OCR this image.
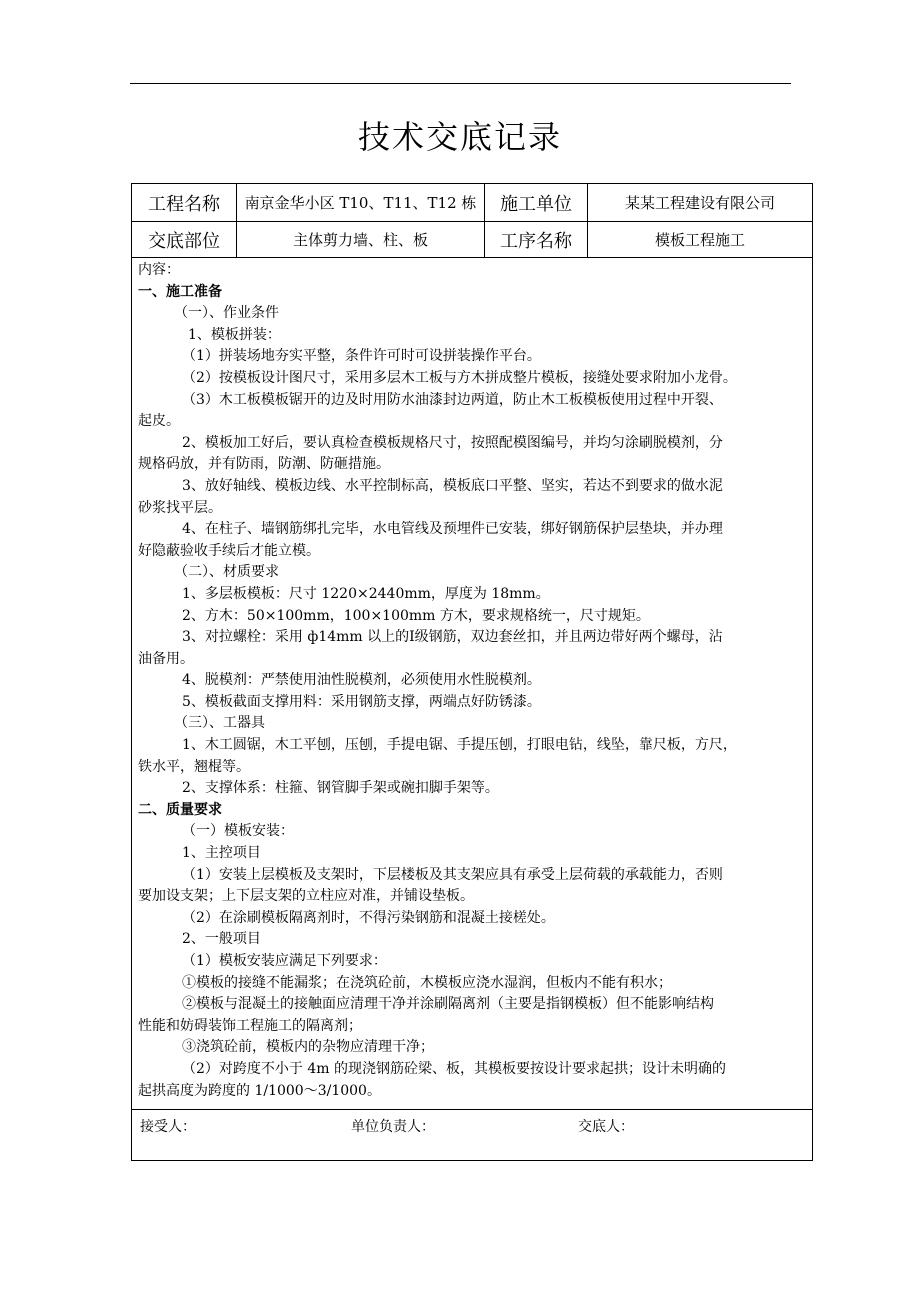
技术交底记录
工程名称	南京金华小区 T10、T11、T12 栋	施工单位	某某工程建设有限公司
交底部位	主体剪力墙、柱、板	工序名称	模板工程施工
内容：
一、施工准备
（一）、作业条件
1、模板拼装：
（1）拼装场地夯实平整，条件许可时可设拼装操作平台。
（2）按模板设计图尺寸，采用多层木工板与方木拼成整片模板，接缝处要求附加小龙骨。
（3）木工板模板锯开的边及时用防水油漆封边两道，防止木工板模板使用过程中开裂、
起皮。
2、模板加工好后，要认真检查模板规格尺寸，按照配模图编号，并均匀涂刷脱模剂，分
规格码放，并有防雨，防潮、防砸措施。
3、放好轴线、模板边线、水平控制标高，模板底口平整、坚实，若达不到要求的做水泥
砂浆找平层。
4、在柱子、墙钢筋绑扎完毕，水电管线及预埋件已安装，绑好钢筋保护层垫块，并办理
好隐蔽验收手续后才能立模。
（二）、材质要求
1、多层板模板：尺寸 1220×2440mm，厚度为 18mm。
2、方木：50×100mm，100×100mm 方木，要求规格统一，尺寸规矩。
3、对拉螺栓：采用 ф14mm 以上的Ⅰ级钢筋，双边套丝扣，并且两边带好两个螺母，沾
油备用。
4、脱模剂：严禁使用油性脱模剂，必须使用水性脱模剂。
5、模板截面支撑用料：采用钢筋支撑，两端点好防锈漆。
（三）、工器具
1、木工圆锯，木工平刨，压刨，手提电锯、手提压刨，打眼电钻，线坠，靠尺板，方尺，
铁水平，翘棍等。
2、支撑体系：柱箍、钢管脚手架或碗扣脚手架等。
二、质量要求
（一）模板安装：
1、主控项目
（1）安装上层模板及支架时，下层楼板及其支架应具有承受上层荷载的承载能力，否则
要加设支架；上下层支架的立柱应对准，并铺设垫板。
（2）在涂刷模板隔离剂时，不得污染钢筋和混凝土接槎处。
2、一般项目
（1）模板安装应满足下列要求：
①模板的接缝不能漏浆；在浇筑砼前，木模板应浇水湿润，但板内不能有积水；
②模板与混凝土的接触面应清理干净并涂刷隔离剂（主要是指钢模板）但不能影响结构
性能和妨碍装饰工程施工的隔离剂；
③浇筑砼前，模板内的杂物应清理干净；
（2）对跨度不小于 4m 的现浇钢筋砼梁、板，其模板要按设计要求起拱；设计未明确的
起拱高度为跨度的 1/1000～3/1000。
接受人：	单位负责人：	交底人：
